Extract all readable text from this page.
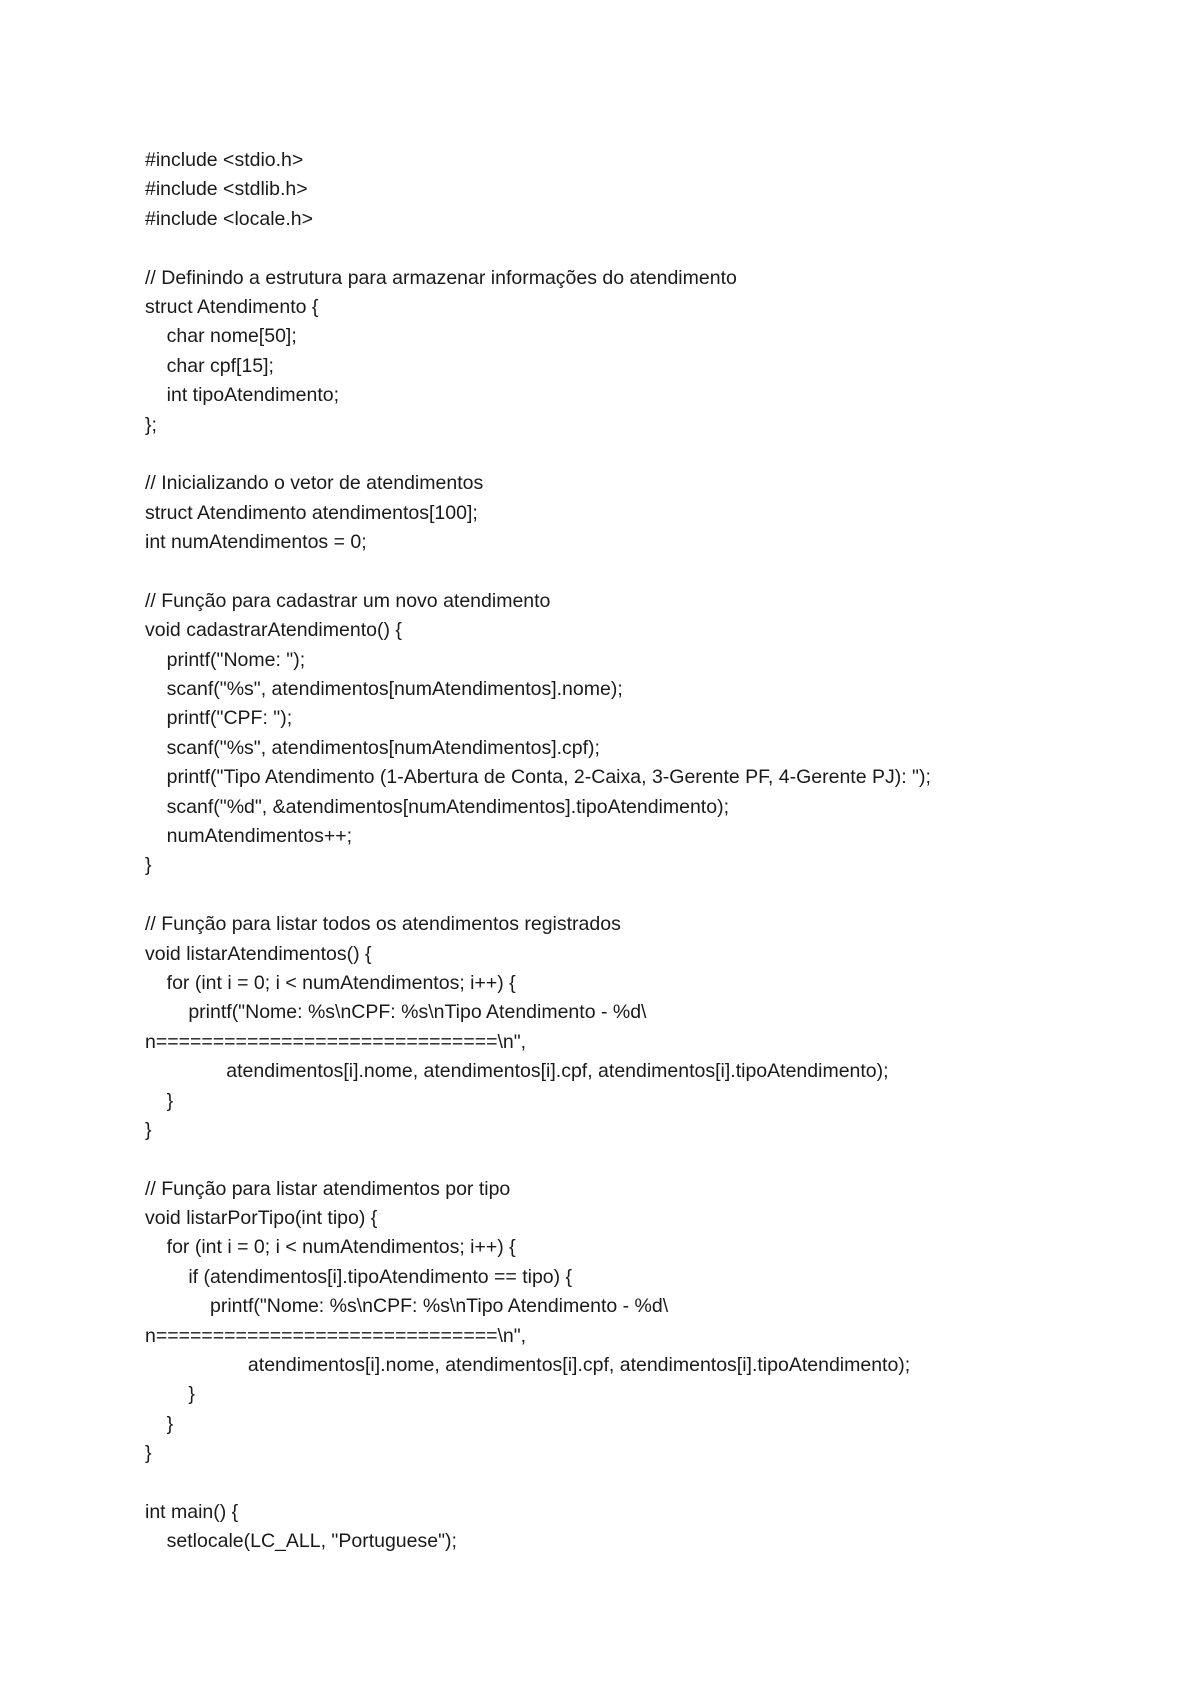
#include <stdio.h>
#include <stdlib.h>
#include <locale.h>
// Definindo a estrutura para armazenar informações do atendimento
struct Atendimento {
char nome[50];
char cpf[15];
int tipoAtendimento;
};
// Inicializando o vetor de atendimentos
struct Atendimento atendimentos[100];
int numAtendimentos = 0;
// Função para cadastrar um novo atendimento
void cadastrarAtendimento() {
printf("Nome: ");
scanf("%s", atendimentos[numAtendimentos].nome);
printf("CPF: ");
scanf("%s", atendimentos[numAtendimentos].cpf);
printf("Tipo Atendimento (1-Abertura de Conta, 2-Caixa, 3-Gerente PF, 4-Gerente PJ): ");
scanf("%d", &atendimentos[numAtendimentos].tipoAtendimento);
numAtendimentos++;
}
// Função para listar todos os atendimentos registrados
void listarAtendimentos() {
for (int i = 0; i < numAtendimentos; i++) {
printf("Nome: %s\nCPF: %s\nTipo Atendimento - %d\
n==============================\n",
atendimentos[i].nome, atendimentos[i].cpf, atendimentos[i].tipoAtendimento);
}
}
// Função para listar atendimentos por tipo
void listarPorTipo(int tipo) {
for (int i = 0; i < numAtendimentos; i++) {
if (atendimentos[i].tipoAtendimento == tipo) {
printf("Nome: %s\nCPF: %s\nTipo Atendimento - %d\
n==============================\n",
atendimentos[i].nome, atendimentos[i].cpf, atendimentos[i].tipoAtendimento);
}
}
}
int main() {
setlocale(LC_ALL, "Portuguese");
